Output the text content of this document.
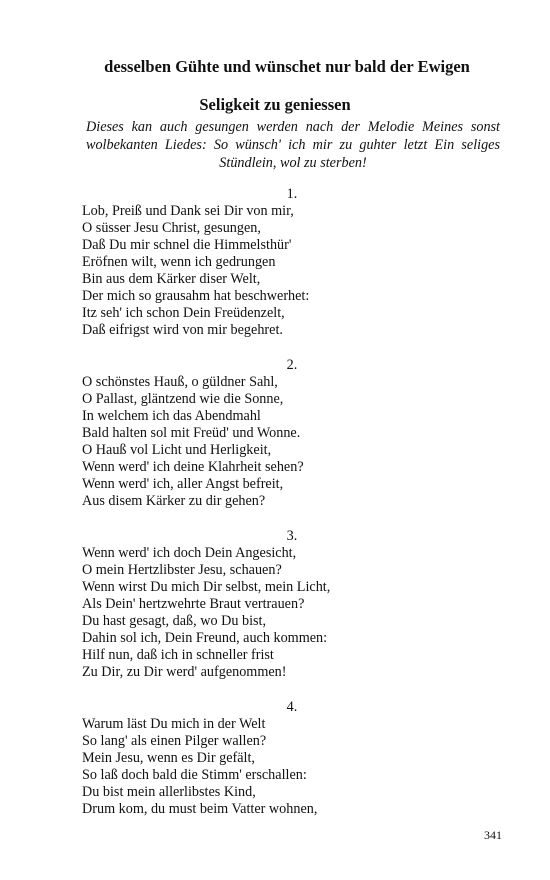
desselben Gühte und wünschet nur bald der Ewigen
Seligkeit zu geniessen
Dieses kan auch gesungen werden nach der Melodie Meines sonst wolbekanten Liedes: So wünsch' ich mir zu guhter letzt Ein seliges Stündlein, wol zu sterben!
1.
Lob, Preiß und Dank sei Dir von mir,
O süsser Jesu Christ, gesungen,
Daß Du mir schnel die Himmelsthür'
Eröfnen wilt, wenn ich gedrungen
Bin aus dem Kärker diser Welt,
Der mich so grausahm hat beschwerhet:
Itz seh' ich schon Dein Freüdenzelt,
Daß eifrigst wird von mir begehret.
2.
O schönstes Hauß, o güldner Sahl,
O Pallast, gläntzend wie die Sonne,
In welchem ich das Abendmahl
Bald halten sol mit Freüd' und Wonne.
O Hauß vol Licht und Herligkeit,
Wenn werd' ich deine Klahrheit sehen?
Wenn werd' ich, aller Angst befreit,
Aus disem Kärker zu dir gehen?
3.
Wenn werd' ich doch Dein Angesicht,
O mein Hertzlibster Jesu, schauen?
Wenn wirst Du mich Dir selbst, mein Licht,
Als Dein' hertzwehrte Braut vertrauen?
Du hast gesagt, daß, wo Du bist,
Dahin sol ich, Dein Freund, auch kommen:
Hilf nun, daß ich in schneller frist
Zu Dir, zu Dir werd' aufgenommen!
4.
Warum läst Du mich in der Welt
So lang' als einen Pilger wallen?
Mein Jesu, wenn es Dir gefält,
So laß doch bald die Stimm' erschallen:
Du bist mein allerlibstes Kind,
Drum kom, du must beim Vatter wohnen,
341
